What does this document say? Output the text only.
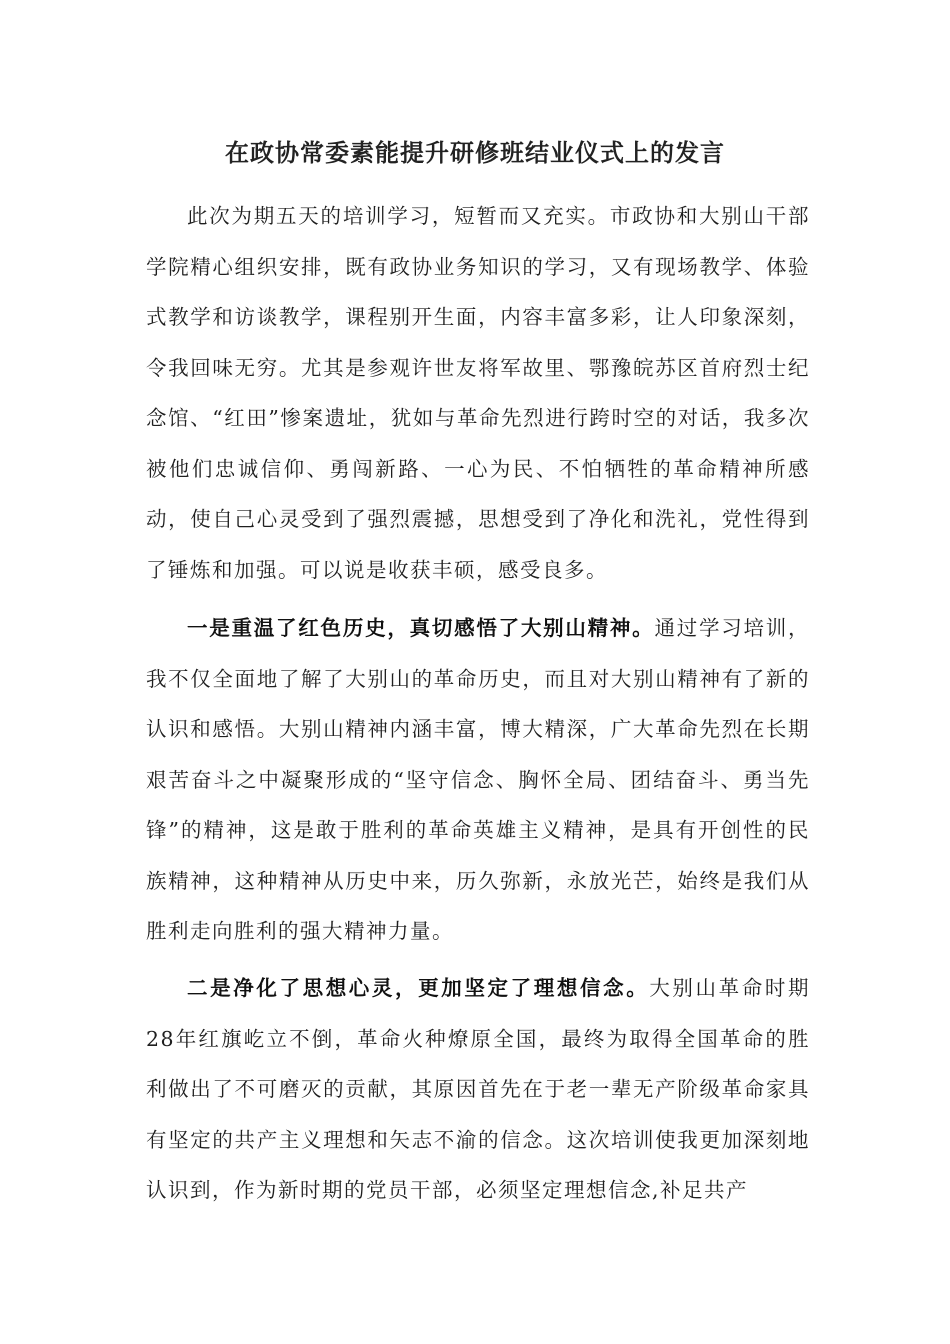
在政协常委素能提升研修班结业仪式上的发言

此次为期五天的培训学习，短暂而又充实。市政协和大别山干部学院精心组织安排，既有政协业务知识的学习，又有现场教学、体验式教学和访谈教学，课程别开生面，内容丰富多彩，让人印象深刻，令我回味无穷。尤其是参观许世友将军故里、鄂豫皖苏区首府烈士纪念馆、“红田”惨案遗址，犹如与革命先烈进行跨时空的对话，我多次被他们忠诚信仰、勇闯新路、一心为民、不怕牺牲的革命精神所感动，使自己心灵受到了强烈震撼，思想受到了净化和洗礼，党性得到了锤炼和加强。可以说是收获丰硕，感受良多。

一是重温了红色历史，真切感悟了大别山精神。通过学习培训，我不仅全面地了解了大别山的革命历史，而且对大别山精神有了新的认识和感悟。大别山精神内涵丰富，博大精深，广大革命先烈在长期艰苦奋斗之中凝聚形成的“坚守信念、胸怀全局、团结奋斗、勇当先锋”的精神，这是敢于胜利的革命英雄主义精神，是具有开创性的民族精神，这种精神从历史中来，历久弥新，永放光芒，始终是我们从胜利走向胜利的强大精神力量。

二是净化了思想心灵，更加坚定了理想信念。大别山革命时期28年红旗屹立不倒，革命火种燎原全国，最终为取得全国革命的胜利做出了不可磨灭的贡献，其原因首先在于老一辈无产阶级革命家具有坚定的共产主义理想和矢志不渝的信念。这次培训使我更加深刻地认识到，作为新时期的党员干部，必须坚定理想信念,补足共产
